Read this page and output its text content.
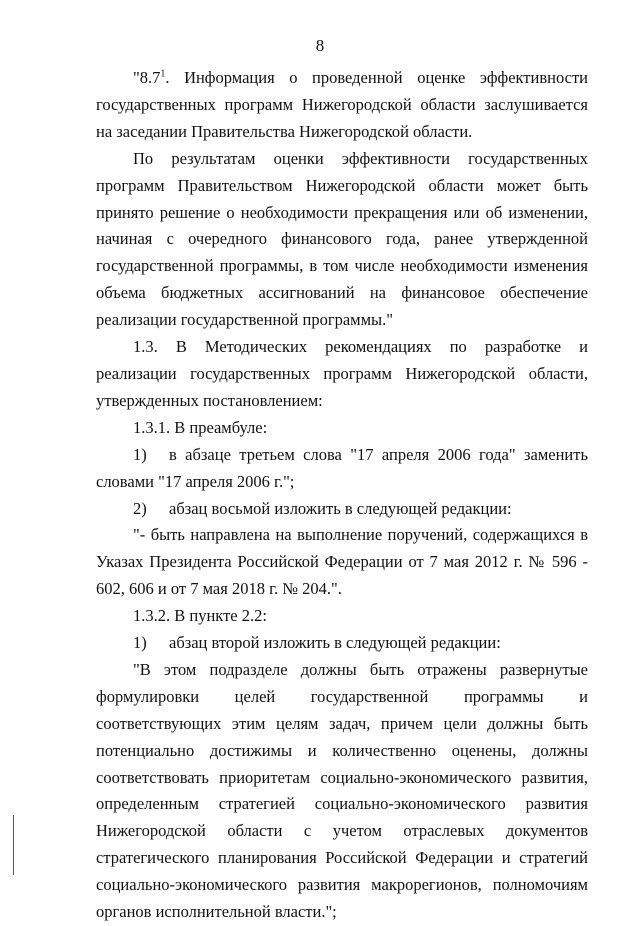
8

"$8.7^1$. Информация о проведенной оценке эффективности государственных программ Нижегородской области заслушивается на заседании Правительства Нижегородской области.

По результатам оценки эффективности государственных программ Правительством Нижегородской области может быть принято решение о необходимости прекращения или об изменении, начиная с очередного финансового года, ранее утвержденной государственной программы, в том числе необходимости изменения объема бюджетных ассигнований на финансовое обеспечение реализации государственной программы."

1.3. В Методических рекомендациях по разработке и реализации государственных программ Нижегородской области, утвержденных постановлением:

1.3.1. В преамбуле:

1) в абзаце третьем слова "17 апреля 2006 года" заменить словами "17 апреля 2006 г.";

2) абзац восьмой изложить в следующей редакции:

"- быть направлена на выполнение поручений, содержащихся в Указах Президента Российской Федерации от 7 мая 2012 г. № 596 - 602, 606 и от 7 мая 2018 г. № 204.".

1.3.2. В пункте 2.2:

1) абзац второй изложить в следующей редакции:

"В этом подразделе должны быть отражены развернутые формулировки целей государственной программы и соответствующих этим целям задач, причем цели должны быть потенциально достижимы и количественно оценены, должны соответствовать приоритетам социально-экономического развития, определенным стратегией социально-экономического развития Нижегородской области с учетом отраслевых документов стратегического планирования Российской Федерации и стратегий социально-экономического развития макрорегионов, полномочиям органов исполнительной власти.";
